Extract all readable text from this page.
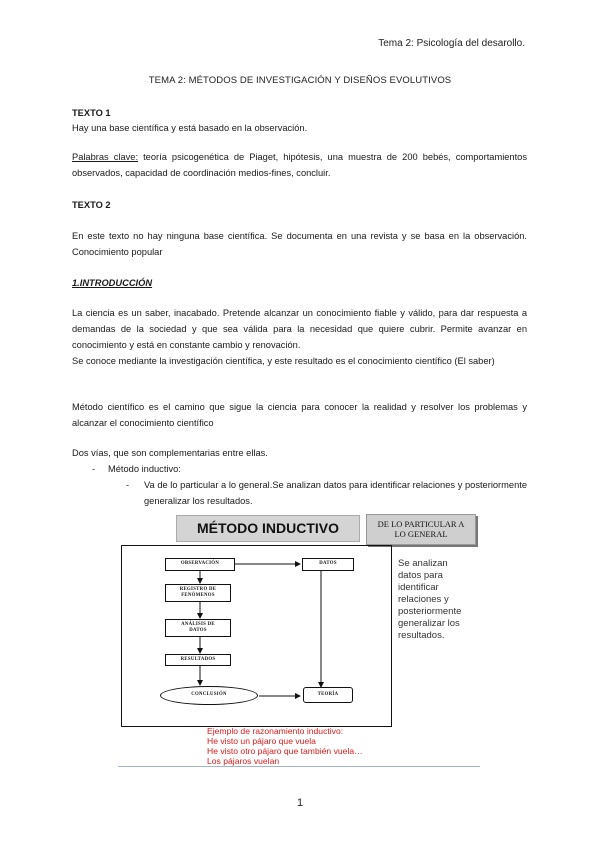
Tema 2: Psicología del desarollo.
TEMA 2: MÉTODOS DE INVESTIGACIÓN Y DISEÑOS EVOLUTIVOS
TEXTO 1
Hay una base científica y está basado en la observación.
Palabras clave: teoría psicogenética de Piaget, hipótesis, una muestra de 200 bebés, comportamientos observados, capacidad de coordinación medios-fines, concluir.
TEXTO 2
En este texto no hay ninguna base científica. Se documenta en una revista y se basa en la observación. Conocimiento popular
1.INTRODUCCIÓN
La ciencia es un saber, inacabado. Pretende alcanzar un conocimiento fiable y válido, para dar respuesta a demandas de la sociedad y que sea válida para la necesidad que quiere cubrir. Permite avanzar en conocimiento y está en constante cambio y renovación.
Se conoce mediante la investigación científica, y este resultado es el conocimiento científico (El saber)
Método científico es el camino que sigue la ciencia para conocer la realidad y resolver los problemas y alcanzar el conocimiento científico
Dos vías, que son complementarias entre ellas.
- Método inductivo:
- Va de lo particular a lo general.Se analizan datos para identificar relaciones y posteriormente generalizar los resultados.
MÉTODO INDUCTIVO	DE LO PARTICULAR A LO GENERAL
OBSERVACIÓN	DATOS
REGISTRO DE FENÓMENOS
ANÁLISIS DE DATOS
RESULTADOS
CONCLUSIÓN	TEORÍA
Se analizan datos para identificar relaciones y posteriormente generalizar los resultados.
Ejemplo de razonamiento inductivo:
He visto un pájaro que vuela
He visto otro pájaro que también vuela…
Los pájaros vuelan
1
